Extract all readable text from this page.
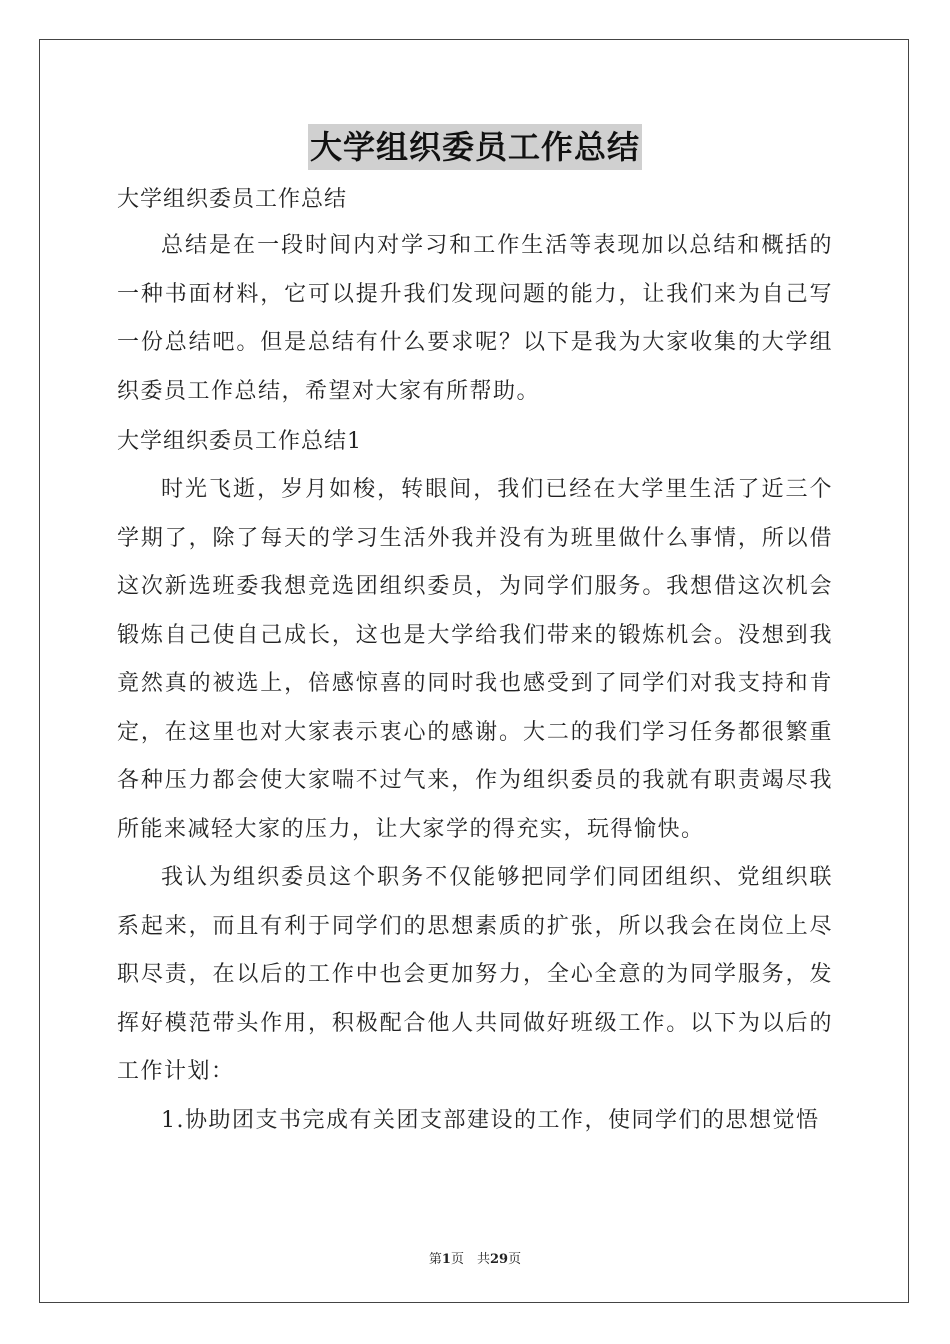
大学组织委员工作总结

大学组织委员工作总结

总结是在一段时间内对学习和工作生活等表现加以总结和概括的一种书面材料，它可以提升我们发现问题的能力，让我们来为自己写一份总结吧。但是总结有什么要求呢？以下是我为大家收集的大学组织委员工作总结，希望对大家有所帮助。

大学组织委员工作总结1

时光飞逝，岁月如梭，转眼间，我们已经在大学里生活了近三个学期了，除了每天的学习生活外我并没有为班里做什么事情，所以借这次新选班委我想竞选团组织委员，为同学们服务。我想借这次机会锻炼自己使自己成长，这也是大学给我们带来的锻炼机会。没想到我竟然真的被选上，倍感惊喜的同时我也感受到了同学们对我支持和肯定，在这里也对大家表示衷心的感谢。大二的我们学习任务都很繁重各种压力都会使大家喘不过气来，作为组织委员的我就有职责竭尽我所能来减轻大家的压力，让大家学的得充实，玩得愉快。

我认为组织委员这个职务不仅能够把同学们同团组织、党组织联系起来，而且有利于同学们的思想素质的扩张，所以我会在岗位上尽职尽责，在以后的工作中也会更加努力，全心全意的为同学服务，发挥好模范带头作用，积极配合他人共同做好班级工作。以下为以后的工作计划：

1.协助团支书完成有关团支部建设的工作，使同学们的思想觉悟

第1页　共29页
